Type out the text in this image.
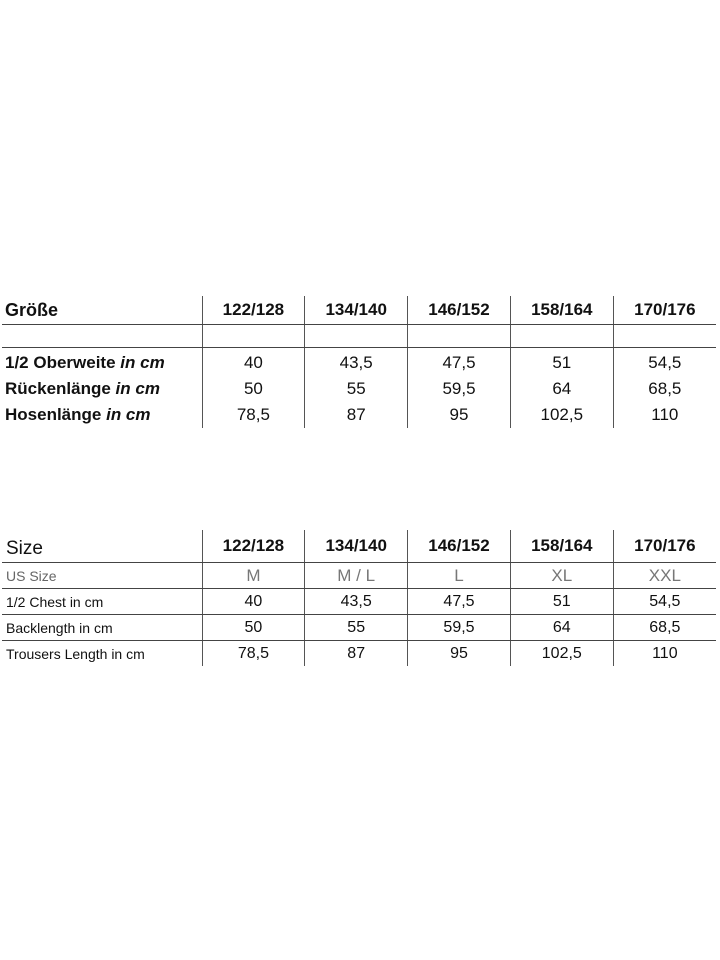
Größe	122/128	134/140	146/152	158/164	170/176

1/2 Oberweite in cm	40	43,5	47,5	51	54,5
Rückenlänge in cm	50	55	59,5	64	68,5
Hosenlänge in cm	78,5	87	95	102,5	110
Size	122/128	134/140	146/152	158/164	170/176
US Size	M	M / L	L	XL	XXL
1/2 Chest in cm	40	43,5	47,5	51	54,5
Backlength in cm	50	55	59,5	64	68,5
Trousers Length in cm	78,5	87	95	102,5	110
